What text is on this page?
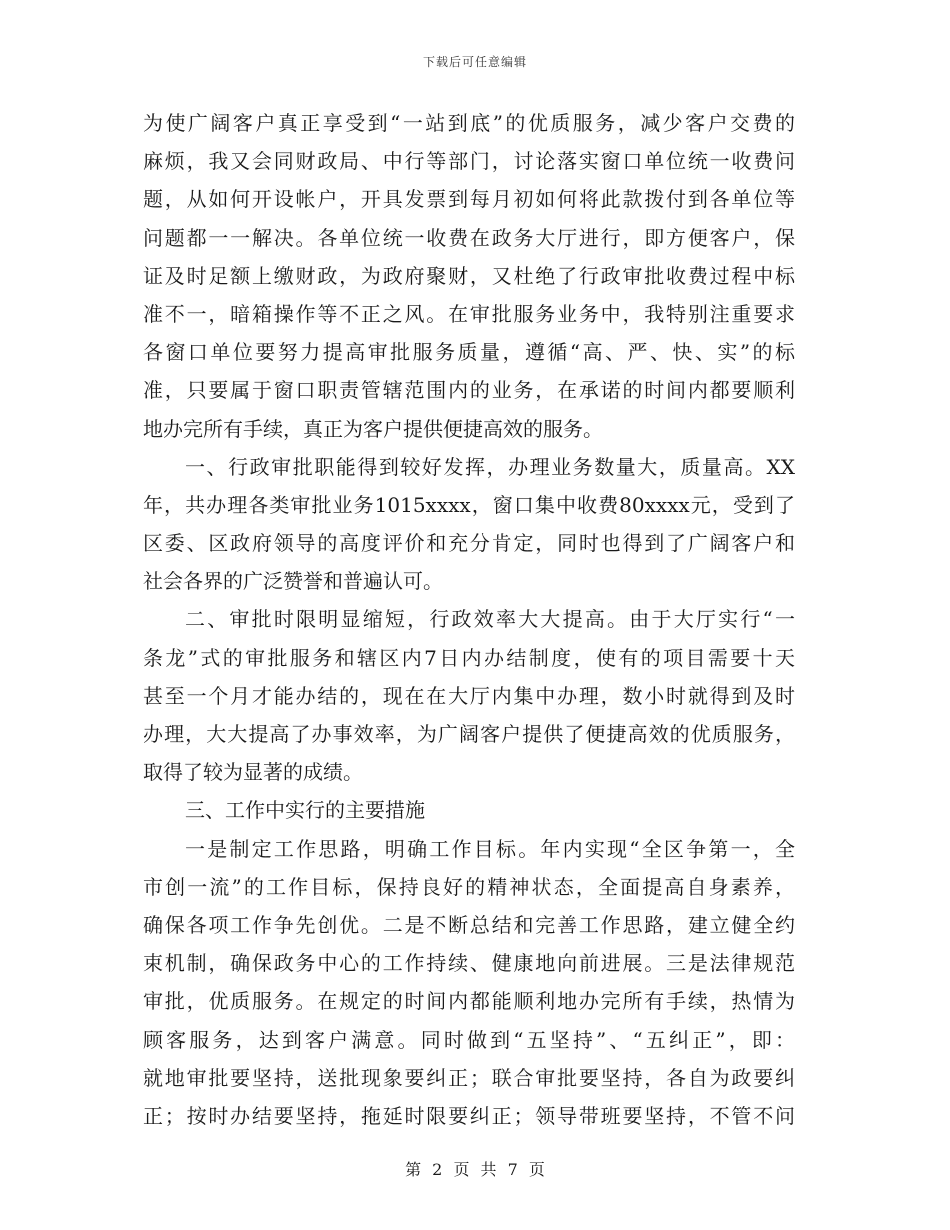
下载后可任意编辑
为使广阔客户真正享受到“一站到底”的优质服务，减少客户交费的
麻烦，我又会同财政局、中行等部门，讨论落实窗口单位统一收费问
题，从如何开设帐户，开具发票到每月初如何将此款拨付到各单位等
问题都一一解决。各单位统一收费在政务大厅进行，即方便客户，保
证及时足额上缴财政，为政府聚财，又杜绝了行政审批收费过程中标
准不一，暗箱操作等不正之风。在审批服务业务中，我特别注重要求
各窗口单位要努力提高审批服务质量，遵循“高、严、快、实”的标
准，只要属于窗口职责管辖范围内的业务，在承诺的时间内都要顺利
地办完所有手续，真正为客户提供便捷高效的服务。
一、行政审批职能得到较好发挥，办理业务数量大，质量高。XX
年，共办理各类审批业务1015xxxx，窗口集中收费80xxxx元，受到了
区委、区政府领导的高度评价和充分肯定，同时也得到了广阔客户和
社会各界的广泛赞誉和普遍认可。
二、审批时限明显缩短，行政效率大大提高。由于大厅实行“一
条龙”式的审批服务和辖区内7日内办结制度，使有的项目需要十天
甚至一个月才能办结的，现在在大厅内集中办理，数小时就得到及时
办理，大大提高了办事效率，为广阔客户提供了便捷高效的优质服务，
取得了较为显著的成绩。
三、工作中实行的主要措施
一是制定工作思路，明确工作目标。年内实现“全区争第一，全
市创一流”的工作目标，保持良好的精神状态，全面提高自身素养，
确保各项工作争先创优。二是不断总结和完善工作思路，建立健全约
束机制，确保政务中心的工作持续、健康地向前进展。三是法律规范
审批，优质服务。在规定的时间内都能顺利地办完所有手续，热情为
顾客服务，达到客户满意。同时做到“五坚持”、“五纠正”，即：
就地审批要坚持，送批现象要纠正；联合审批要坚持，各自为政要纠
正；按时办结要坚持，拖延时限要纠正；领导带班要坚持，不管不问
第 2 页 共 7 页
